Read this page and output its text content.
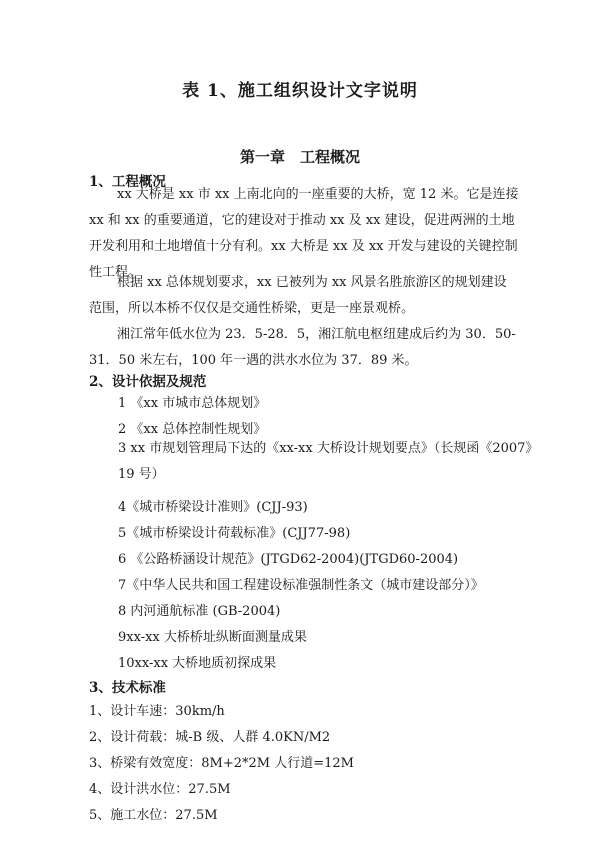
表 1、施工组织设计文字说明
第一章　工程概况
1、工程概况

xx 大桥是 xx 市 xx 上南北向的一座重要的大桥，宽 12 米。它是连接 xx 和 xx 的重要通道，它的建设对于推动 xx 及 xx 建设，促进两洲的土地开发利用和土地增值十分有利。xx 大桥是 xx 及 xx 开发与建设的关键控制性工程。

根据 xx 总体规划要求，xx 已被列为 xx 风景名胜旅游区的规划建设范围，所以本桥不仅仅是交通性桥梁，更是一座景观桥。

湘江常年低水位为 23．5-28．5，湘江航电枢纽建成后约为 30．50-31．50 米左右，100 年一遇的洪水水位为 37．89 米。

2、设计依据及规范
1 《xx 市城市总体规划》
2 《xx 总体控制性规划》
3 xx 市规划管理局下达的《xx-xx 大桥设计规划要点》（长规函《2007》19 号）
4《城市桥梁设计准则》(CJJ-93)
5《城市桥梁设计荷载标准》(CJJ77-98)
6 《公路桥涵设计规范》(JTGD62-2004)(JTGD60-2004)
7《中华人民共和国工程建设标准强制性条文（城市建设部分）》
8 内河通航标准 (GB-2004)
9xx-xx 大桥桥址纵断面测量成果
10xx-xx 大桥地质初探成果
3、技术标准
1、设计车速：30km/h
2、设计荷载：城-B 级、人群 4.0KN/M2
3、桥梁有效宽度：8M+2*2M 人行道=12M
4、设计洪水位：27.5M
5、施工水位：27.5M
